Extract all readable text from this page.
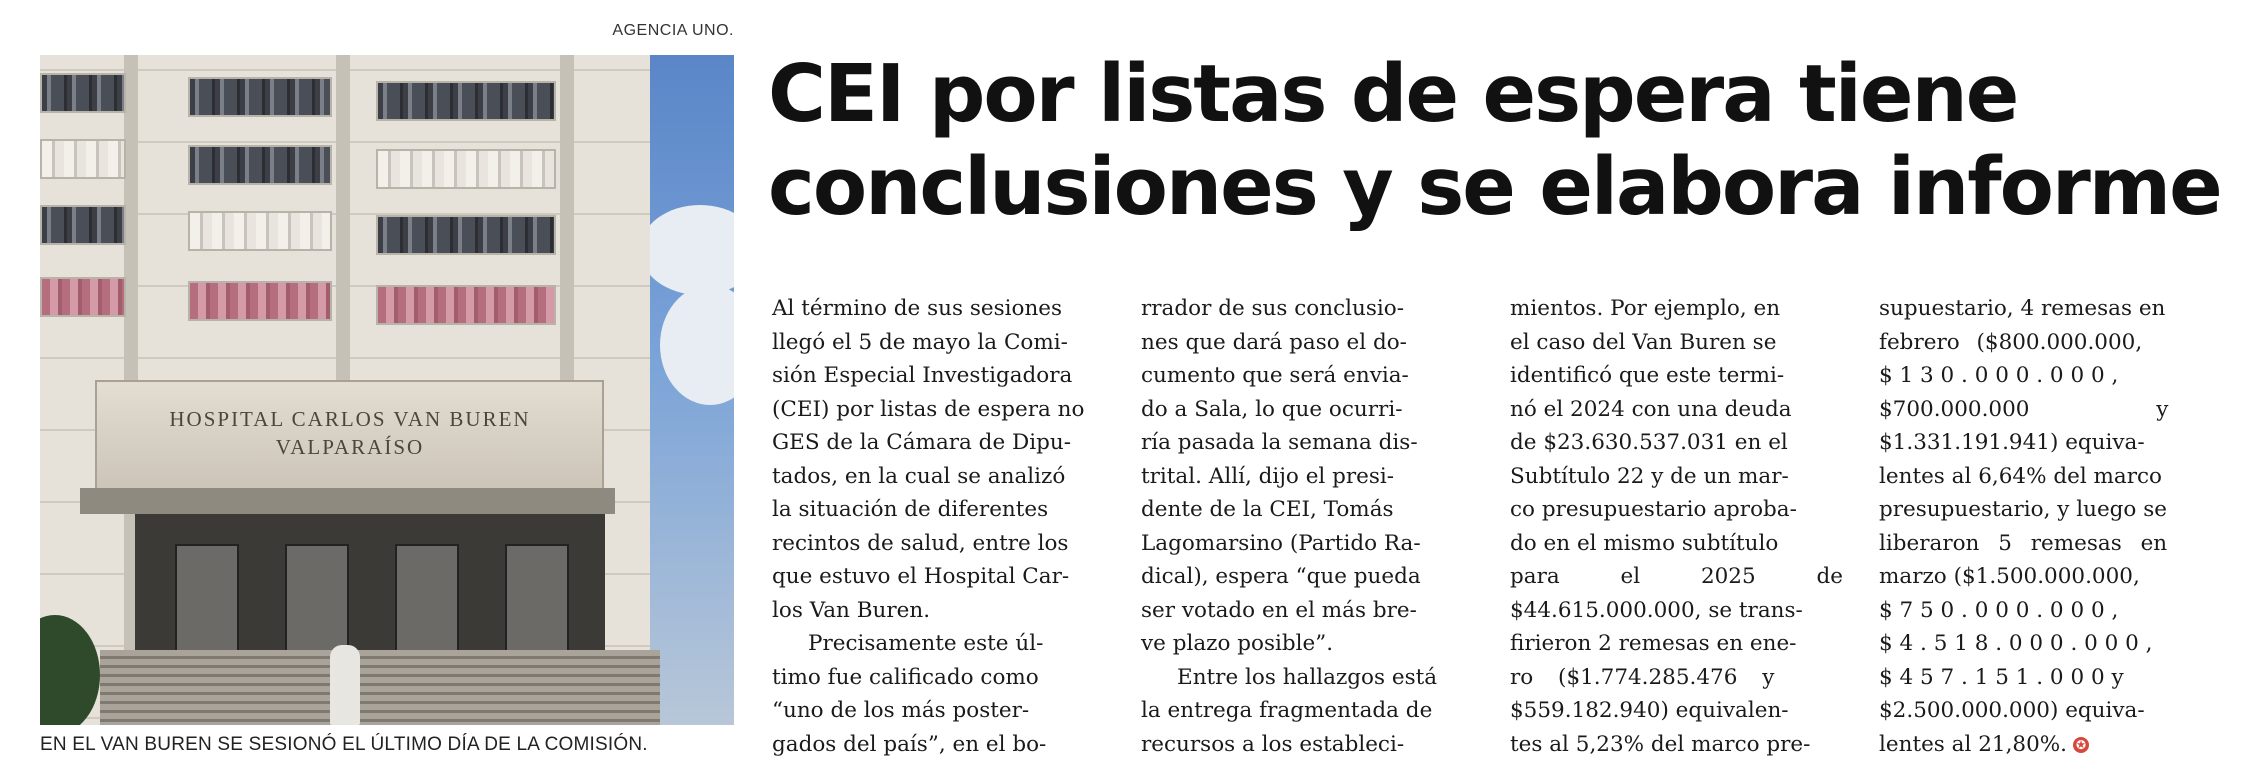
AGENCIA UNO.
HOSPITAL CARLOS VAN BUREN
VALPARAÍSO
EN EL VAN BUREN SE SESIONÓ EL ÚLTIMO DÍA DE LA COMISIÓN.
CEI por listas de espera tiene
conclusiones y se elabora informe

Al término de sus sesiones
llegó el 5 de mayo la Comi-
sión Especial Investigadora
(CEI) por listas de espera no
GES de la Cámara de Dipu-
tados, en la cual se analizó
la situación de diferentes
recintos de salud, entre los
que estuvo el Hospital Car-
los Van Buren.

Precisamente este úl-
timo fue calificado como
“uno de los más poster-
gados del país”, en el bo-

rrador de sus conclusio-
nes que dará paso el do-
cumento que será envia-
do a Sala, lo que ocurri-
ría pasada la semana dis-
trital. Allí, dijo el presi-
dente de la CEI, Tomás
Lagomarsino (Partido Ra-
dical), espera “que pueda
ser votado en el más bre-
ve plazo posible”.

Entre los hallazgos está
la entrega fragmentada de
recursos a los estableci-

mientos. Por ejemplo, en
el caso del Van Buren se
identificó que este termi-
nó el 2024 con una deuda
de $23.630.537.031 en el
Subtítulo 22 y de un mar-
co presupuestario aproba-
do en el mismo subtítulo
para el 2025 de
$44.615.000.000, se trans-
firieron 2 remesas en ene-
ro ($1.774.285.476 y
$559.182.940) equivalen-
tes al 5,23% del marco pre-

supuestario, 4 remesas en
febrero ($800.000.000,
$ 1 3 0 . 0 0 0 . 0 0 0 ,
$700.000.000 y
$1.331.191.941) equiva-
lentes al 6,64% del marco
presupuestario, y luego se
liberaron 5 remesas en
marzo ($1.500.000.000,
$ 7 5 0 . 0 0 0 . 0 0 0 ,
$ 4 . 5 1 8 . 0 0 0 . 0 0 0 ,
$ 4 5 7 . 1 5 1 . 0 0 0 y
$2.500.000.000) equiva-
lentes al 21,80%. ✪
